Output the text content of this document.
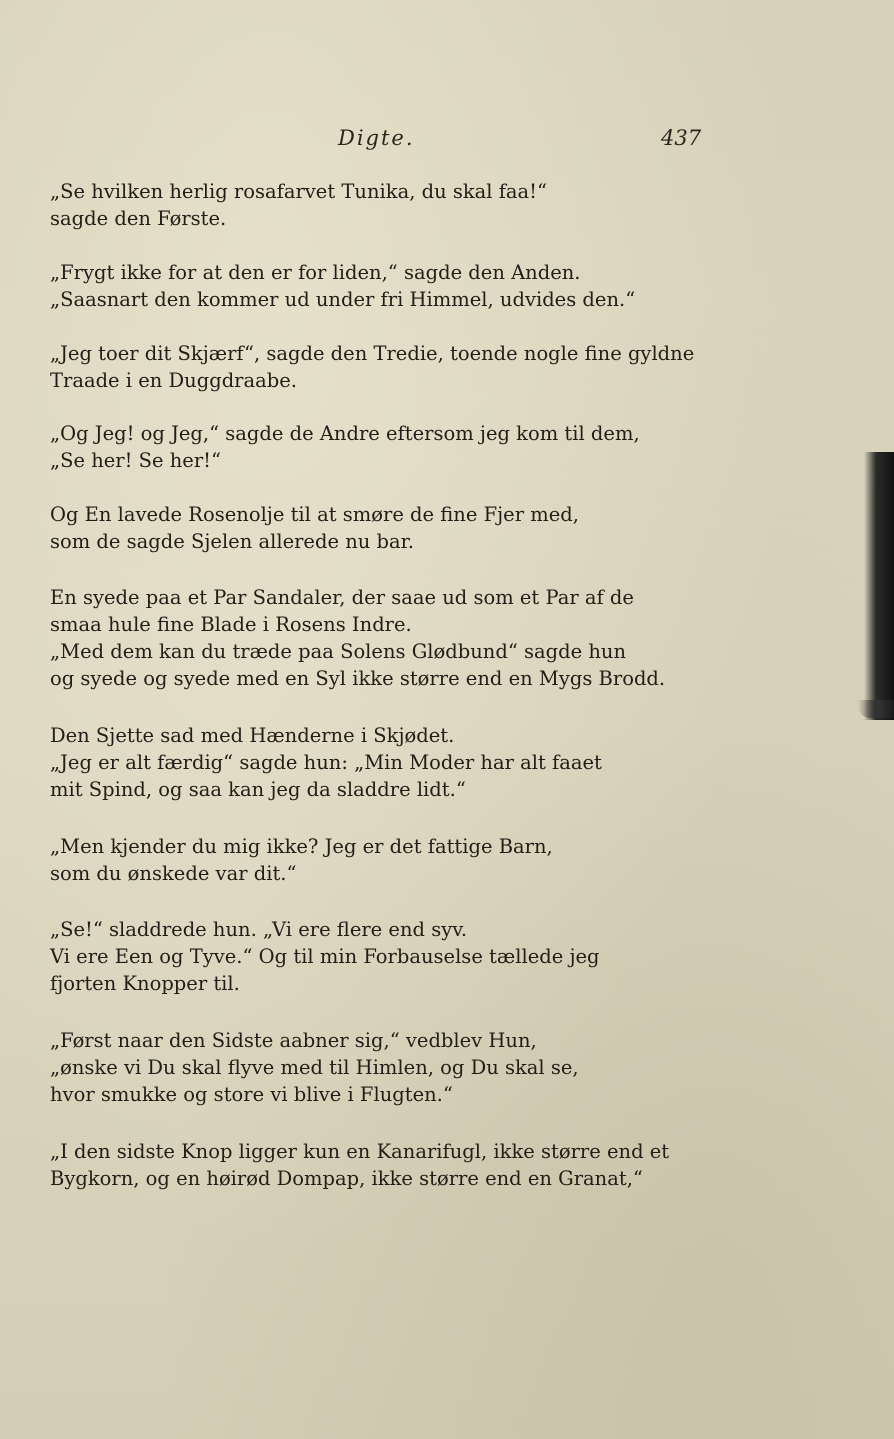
Digte.	437

„Se hvilken herlig rosafarvet Tunika, du skal faa!“
sagde den Første.

„Frygt ikke for at den er for liden,“ sagde den Anden.
„Saasnart den kommer ud under fri Himmel, udvides den.“

„Jeg toer dit Skjærf“, sagde den Tredie, toende nogle fine gyldne
Traade i en Duggdraabe.

„Og Jeg! og Jeg,“ sagde de Andre eftersom jeg kom til dem,
„Se her! Se her!“

Og En lavede Rosenolje til at smøre de fine Fjer med,
som de sagde Sjelen allerede nu bar.

En syede paa et Par Sandaler, der saae ud som et Par af de
smaa hule fine Blade i Rosens Indre.
„Med dem kan du træde paa Solens Glødbund“ sagde hun
og syede og syede med en Syl ikke større end en Mygs Brodd.

Den Sjette sad med Hænderne i Skjødet.
„Jeg er alt færdig“ sagde hun: „Min Moder har alt faaet
mit Spind, og saa kan jeg da sladdre lidt.“

„Men kjender du mig ikke? Jeg er det fattige Barn,
som du ønskede var dit.“

„Se!“ sladdrede hun. „Vi ere flere end syv.
Vi ere Een og Tyve.“ Og til min Forbauselse tællede jeg
fjorten Knopper til.

„Først naar den Sidste aabner sig,“ vedblev Hun,
„ønske vi Du skal flyve med til Himlen, og Du skal se,
hvor smukke og store vi blive i Flugten.“

„I den sidste Knop ligger kun en Kanarifugl, ikke større end et
Bygkorn, og en høirød Dompap, ikke større end en Granat,“
